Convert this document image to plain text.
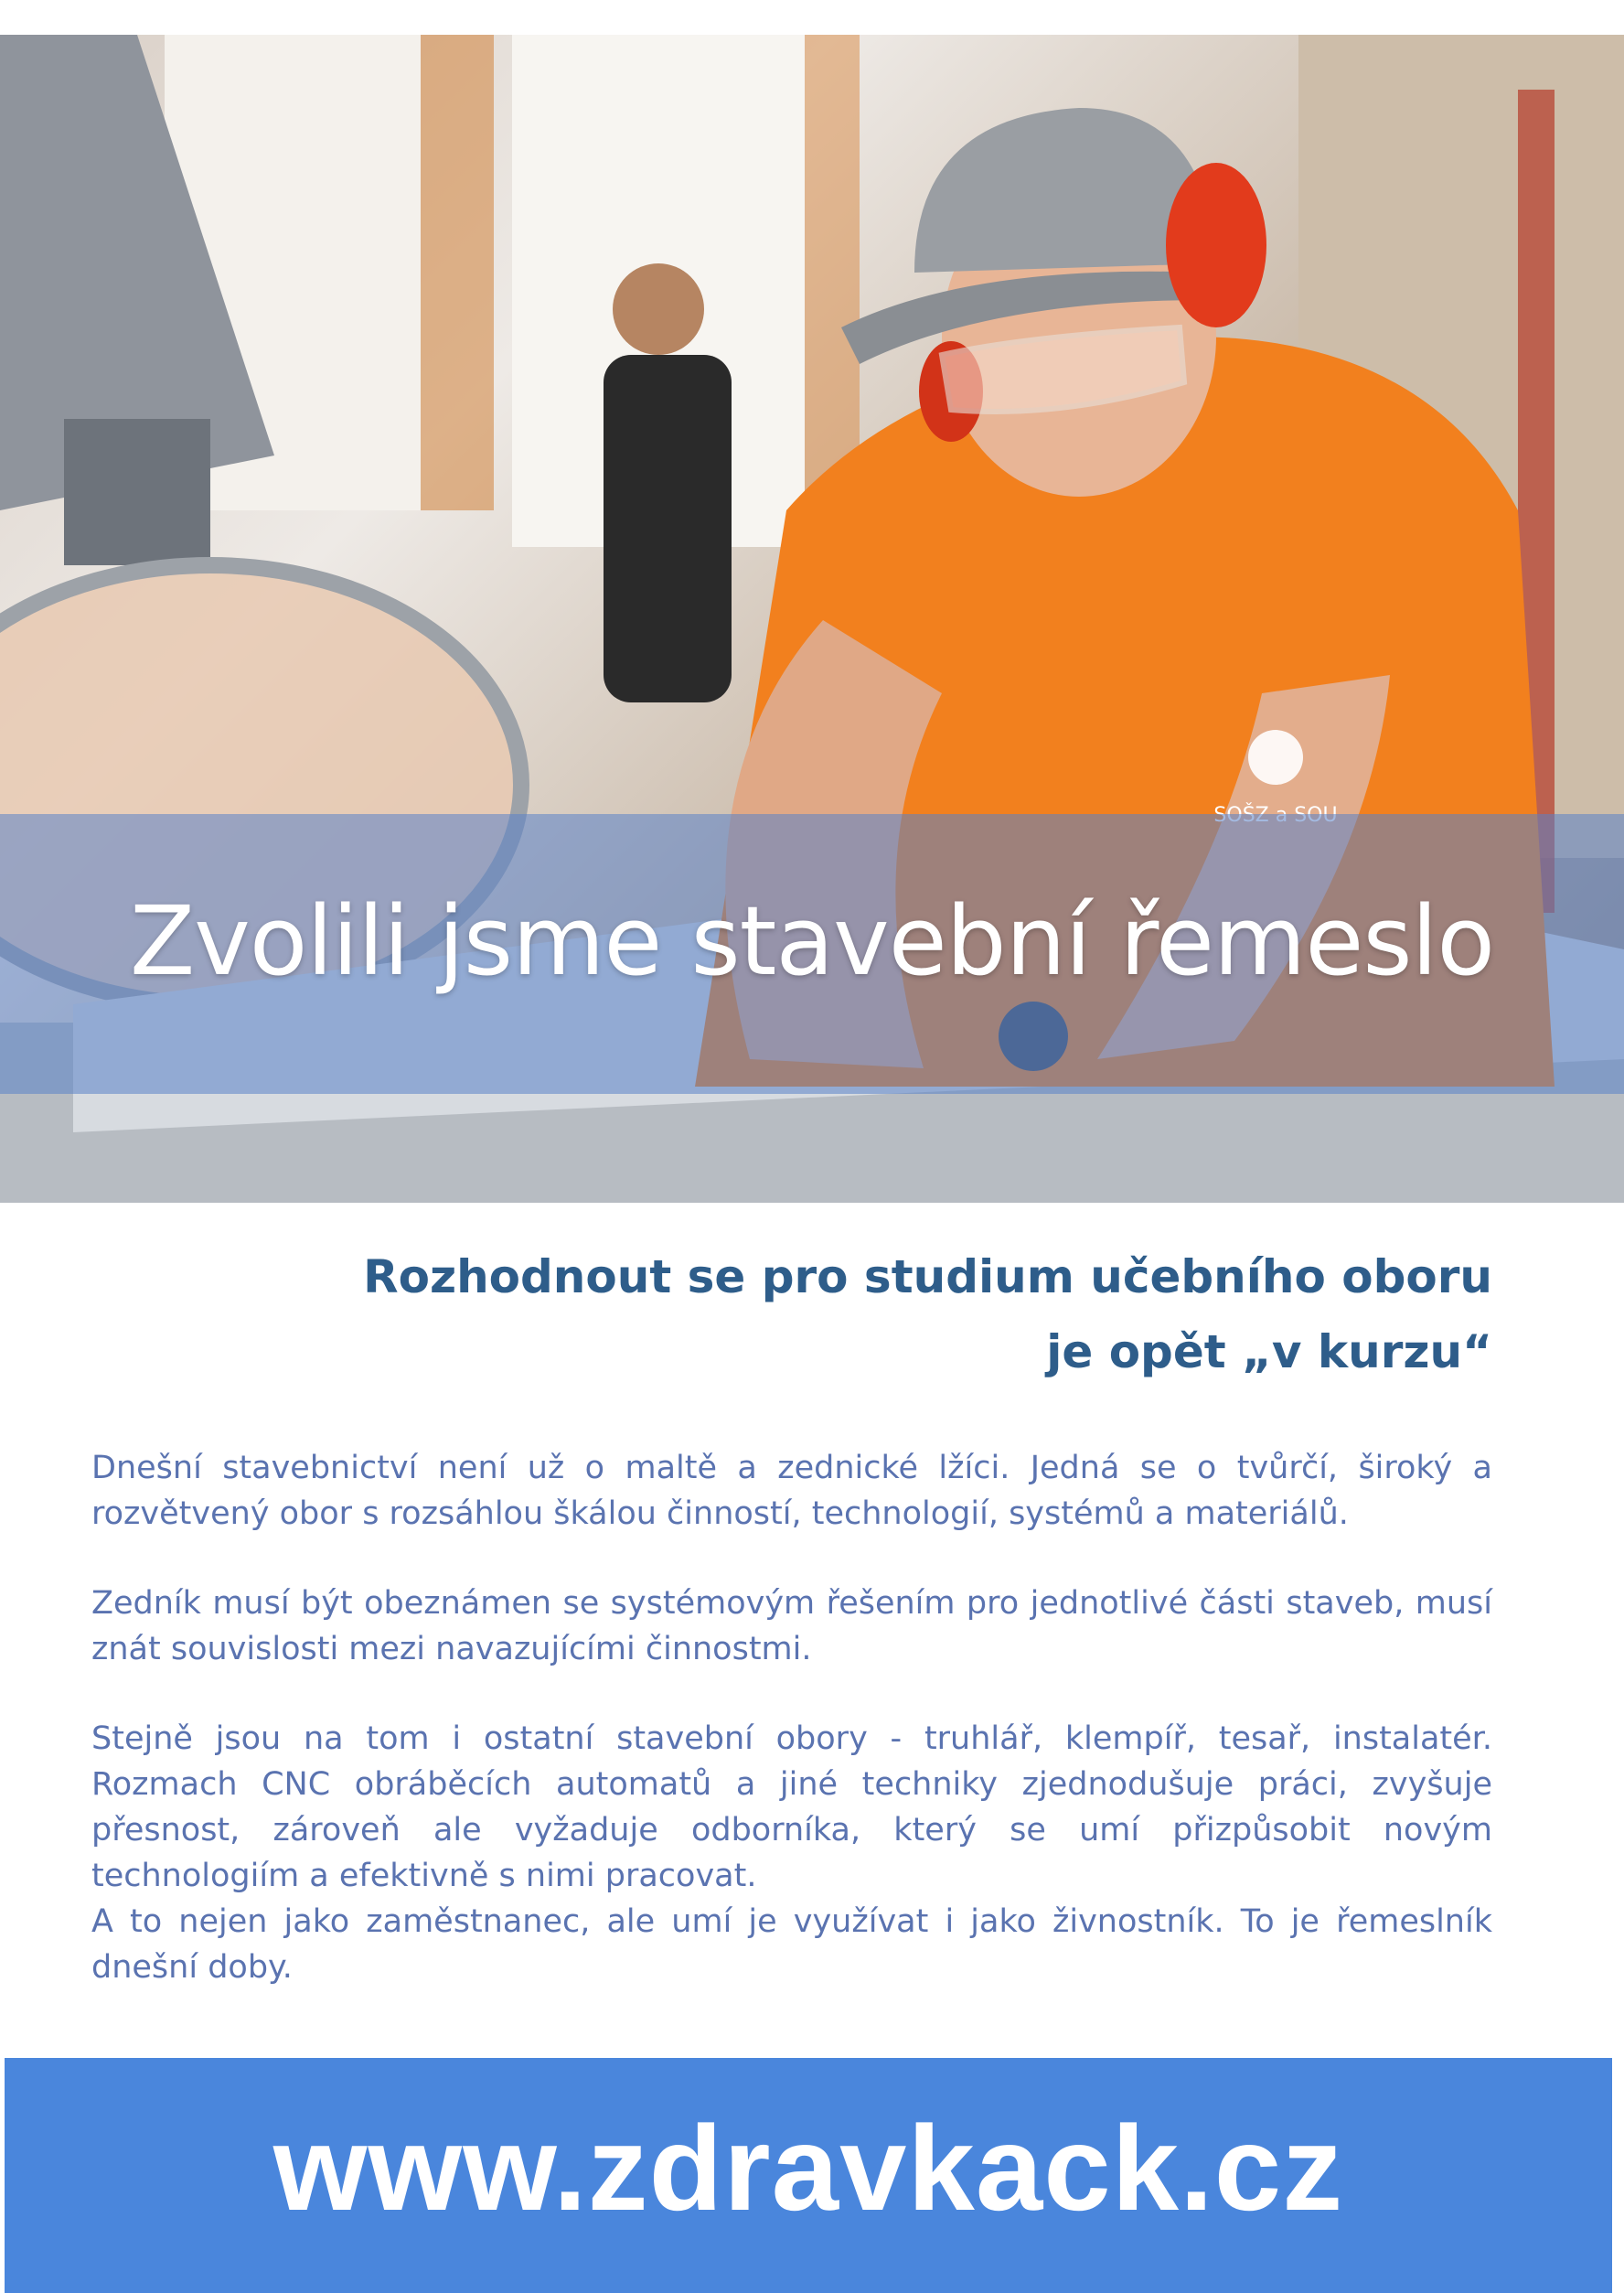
Zvolili jsme stavební řemeslo
Rozhodnout se pro studium učebního oboru
je opět „v kurzu“

Dnešní stavebnictví není už o maltě a zednické lžíci. Jedná se o tvůrčí, široký a rozvětvený obor s rozsáhlou škálou činností, technologií, systémů a materiálů.

Zedník musí být obeznámen se systémovým řešením pro jednotlivé části staveb, musí znát souvislosti mezi navazujícími činnostmi.

Stejně jsou na tom i ostatní stavební obory - truhlář, klempíř, tesař, instalatér. Rozmach CNC obráběcích automatů a jiné techniky zjednodušuje práci, zvyšuje přesnost, zároveň ale vyžaduje odborníka, který se umí přizpůsobit novým technologiím a efektivně s nimi pracovat.

A to nejen jako zaměstnanec, ale umí je využívat i jako živnostník. To je řemeslník dnešní doby.

www.zdravkack.cz
